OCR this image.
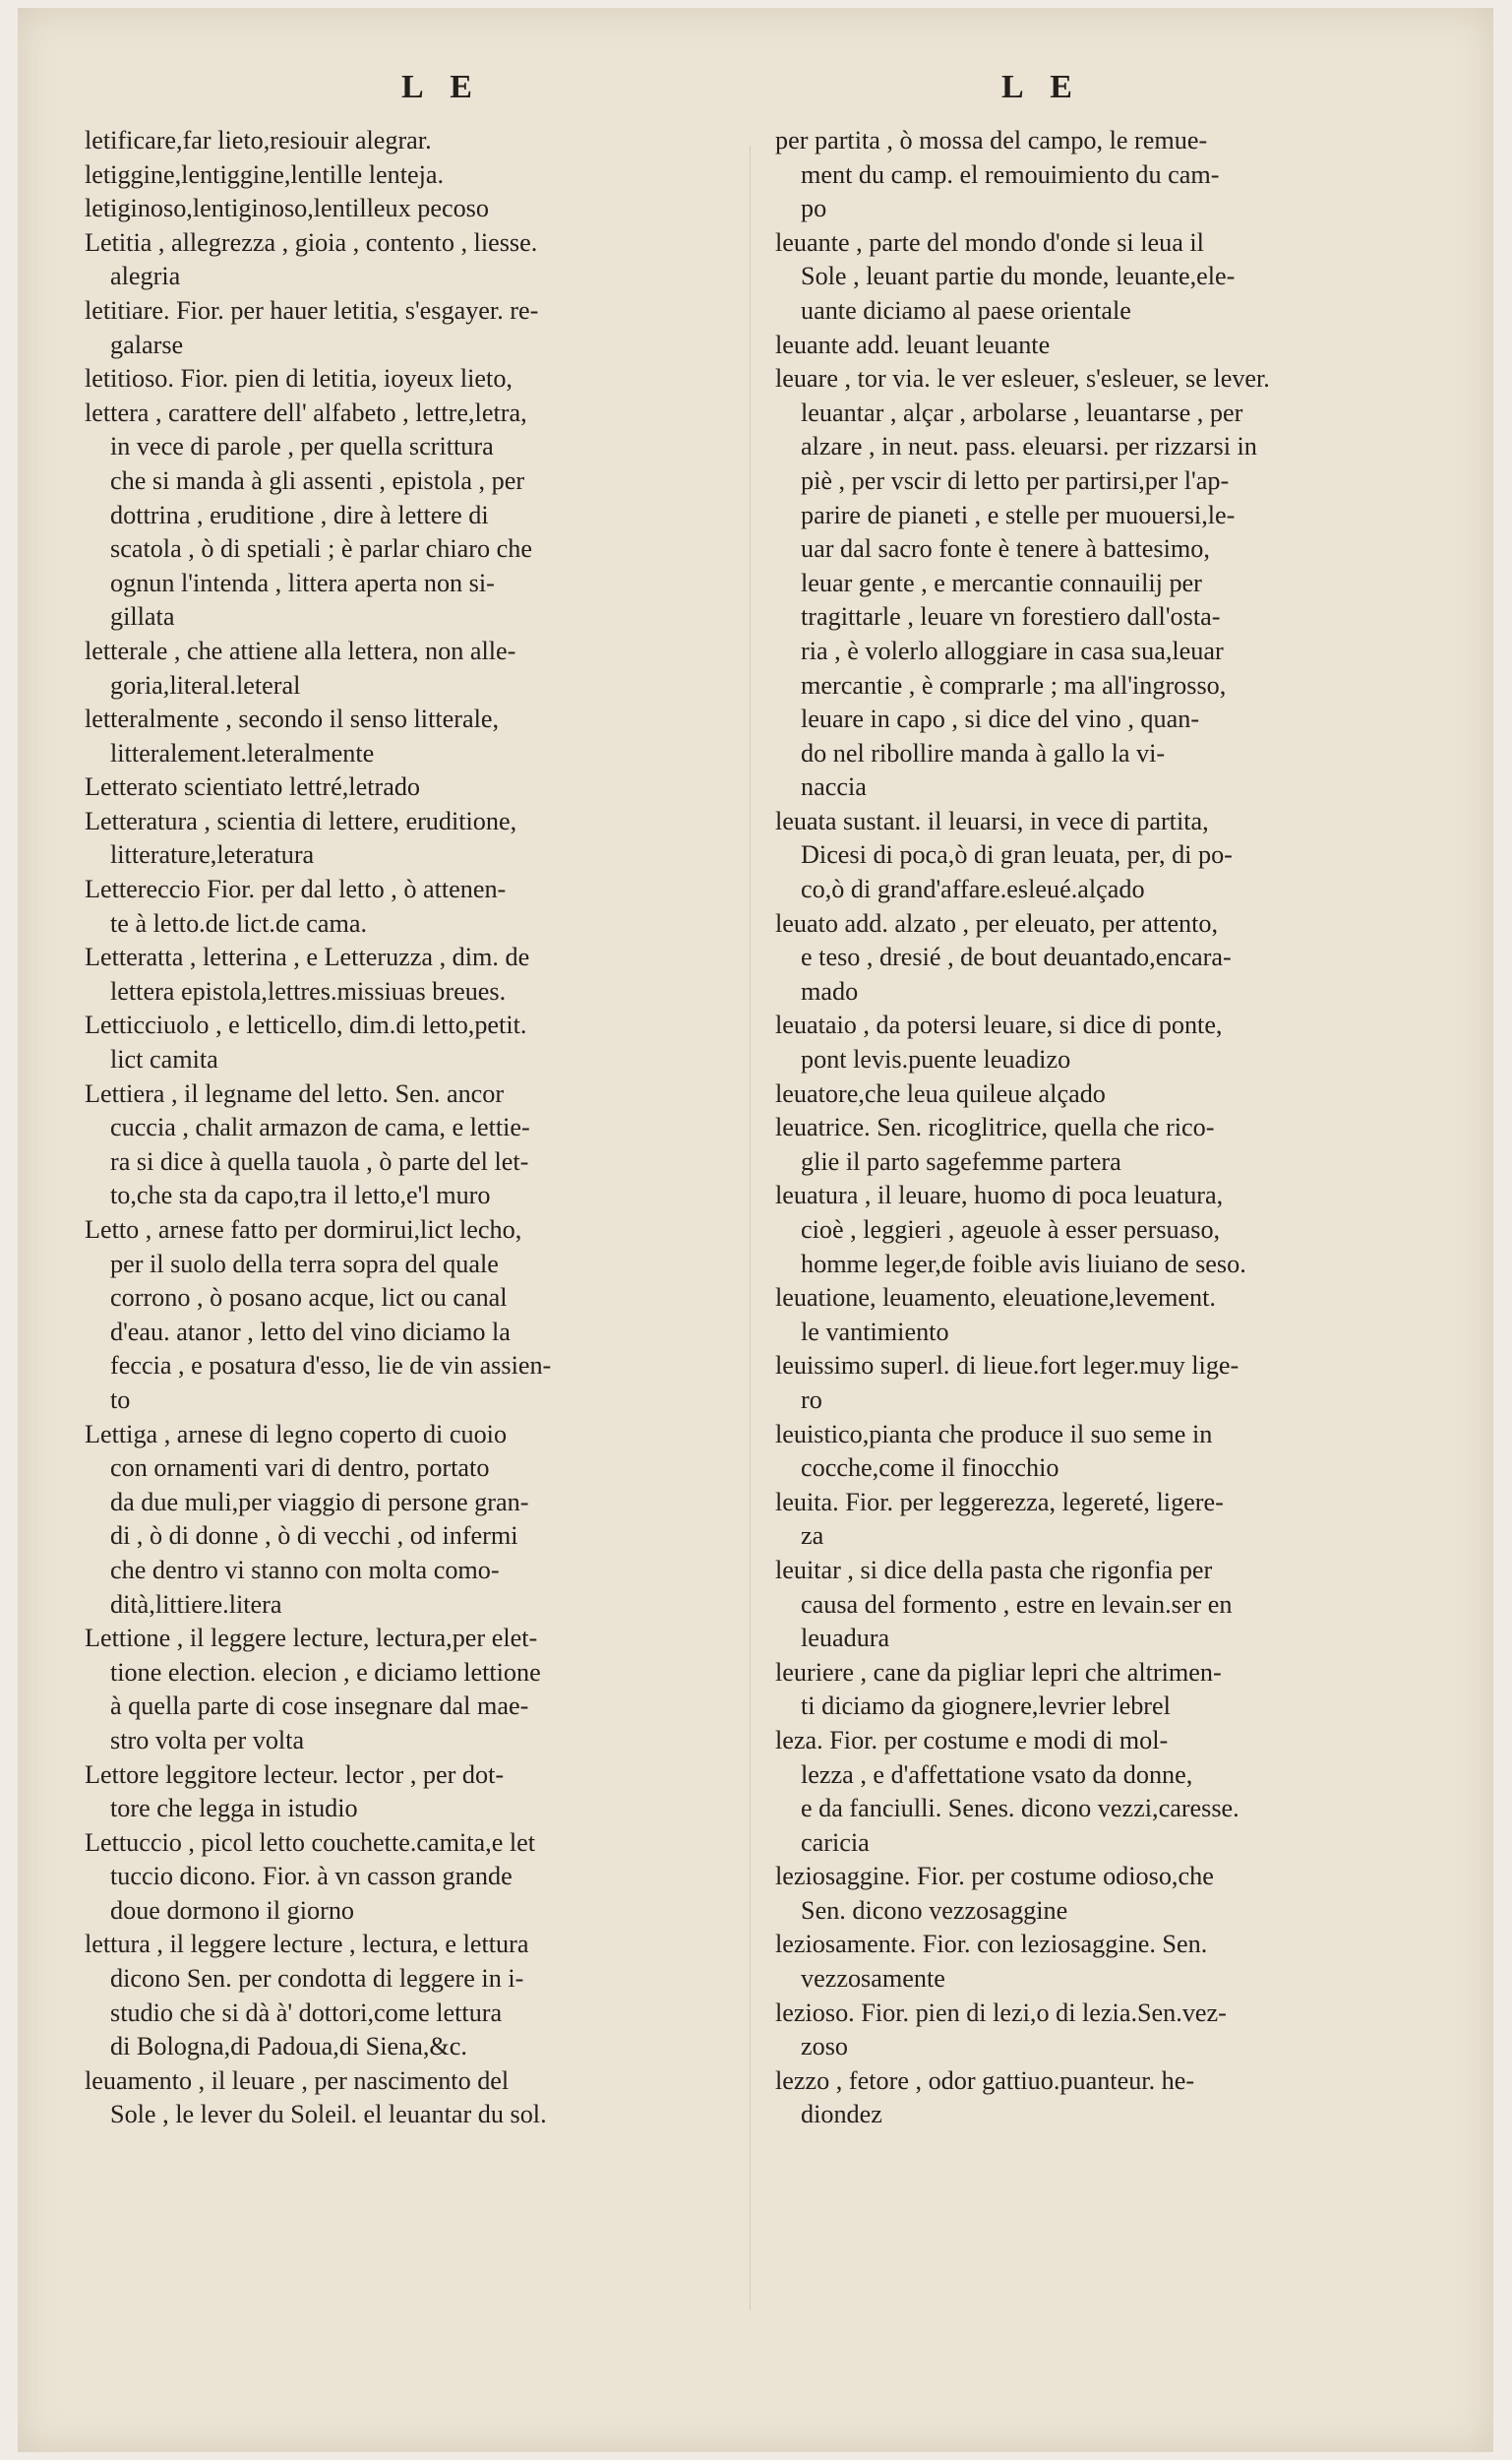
L E	L E
letificare,far lieto,resiouir alegrar.
letiggine,lentiggine,lentille lenteja.
letiginoso,lentiginoso,lentilleux pecoso
Letitia , allegrezza , gioia , contento , liesse.
alegria
letitiare. Fior. per hauer letitia, s'esgayer. re-
galarse
letitioso. Fior. pien di letitia, ioyeux lieto,
lettera , carattere dell' alfabeto , lettre,letra,
in vece di parole , per quella scrittura
che si manda à gli assenti , epistola , per
dottrina , eruditione , dire à lettere di
scatola , ò di spetiali ; è parlar chiaro che
ognun l'intenda , littera aperta non si-
gillata
letterale , che attiene alla lettera, non alle-
goria,literal.leteral
letteralmente , secondo il senso litterale,
litteralement.leteralmente
Letterato scientiato lettré,letrado
Letteratura , scientia di lettere, eruditione,
litterature,leteratura
Lettereccio Fior. per dal letto , ò attenen-
te à letto.de lict.de cama.
Letteratta , letterina , e Letteruzza , dim. de
lettera epistola,lettres.missiuas breues.
Letticciuolo , e letticello, dim.di letto,petit.
lict camita
Lettiera , il legname del letto. Sen. ancor
cuccia , chalit armazon de cama, e lettie-
ra si dice à quella tauola , ò parte del let-
to,che sta da capo,tra il letto,e'l muro
Letto , arnese fatto per dormirui,lict lecho,
per il suolo della terra sopra del quale
corrono , ò posano acque, lict ou canal
d'eau. atanor , letto del vino diciamo la
feccia , e posatura d'esso, lie de vin assien-
to
Lettiga , arnese di legno coperto di cuoio
con ornamenti vari di dentro, portato
da due muli,per viaggio di persone gran-
di , ò di donne , ò di vecchi , od infermi
che dentro vi stanno con molta como-
dità,littiere.litera
Lettione , il leggere lecture, lectura,per elet-
tione election. elecion , e diciamo lettione
à quella parte di cose insegnare dal mae-
stro volta per volta
Lettore leggitore lecteur. lector , per dot-
tore che legga in istudio
Lettuccio , picol letto couchette.camita,e let
tuccio dicono. Fior. à vn casson grande
doue dormono il giorno
lettura , il leggere lecture , lectura, e lettura
dicono Sen. per condotta di leggere in i-
studio che si dà à' dottori,come lettura
di Bologna,di Padoua,di Siena,&c.
leuamento , il leuare , per nascimento del
Sole , le lever du Soleil. el leuantar du sol.
per partita , ò mossa del campo, le remue-
ment du camp. el remouimiento du cam-
po
leuante , parte del mondo d'onde si leua il
Sole , leuant partie du monde, leuante,ele-
uante diciamo al paese orientale
leuante add. leuant leuante
leuare , tor via. le ver esleuer, s'esleuer, se lever.
leuantar , alçar , arbolarse , leuantarse , per
alzare , in neut. pass. eleuarsi. per rizzarsi in
piè , per vscir di letto per partirsi,per l'ap-
parire de pianeti , e stelle per muouersi,le-
uar dal sacro fonte è tenere à battesimo,
leuar gente , e mercantie connauilij per
tragittarle , leuare vn forestiero dall'osta-
ria , è volerlo alloggiare in casa sua,leuar
mercantie , è comprarle ; ma all'ingrosso,
leuare in capo , si dice del vino , quan-
do nel ribollire manda à gallo la vi-
naccia
leuata sustant. il leuarsi, in vece di partita,
Dicesi di poca,ò di gran leuata, per, di po-
co,ò di grand'affare.esleué.alçado
leuato add. alzato , per eleuato, per attento,
e teso , dresié , de bout deuantado,encara-
mado
leuataio , da potersi leuare, si dice di ponte,
pont levis.puente leuadizo
leuatore,che leua quileue alçado
leuatrice. Sen. ricoglitrice, quella che rico-
glie il parto sagefemme partera
leuatura , il leuare, huomo di poca leuatura,
cioè , leggieri , ageuole à esser persuaso,
homme leger,de foible avis liuiano de seso.
leuatione, leuamento, eleuatione,levement.
le vantimiento
leuissimo superl. di lieue.fort leger.muy lige-
ro
leuistico,pianta che produce il suo seme in
cocche,come il finocchio
leuita. Fior. per leggerezza, legereté, ligere-
za
leuitar , si dice della pasta che rigonfia per
causa del formento , estre en levain.ser en
leuadura
leuriere , cane da pigliar lepri che altrimen-
ti diciamo da giognere,levrier lebrel
leza. Fior. per costume e modi di mol-
lezza , e d'affettatione vsato da donne,
e da fanciulli. Senes. dicono vezzi,caresse.
caricia
leziosaggine. Fior. per costume odioso,che
Sen. dicono vezzosaggine
leziosamente. Fior. con leziosaggine. Sen.
vezzosamente
lezioso. Fior. pien di lezi,o di lezia.Sen.vez-
zoso
lezzo , fetore , odor gattiuo.puanteur. he-
diondez
